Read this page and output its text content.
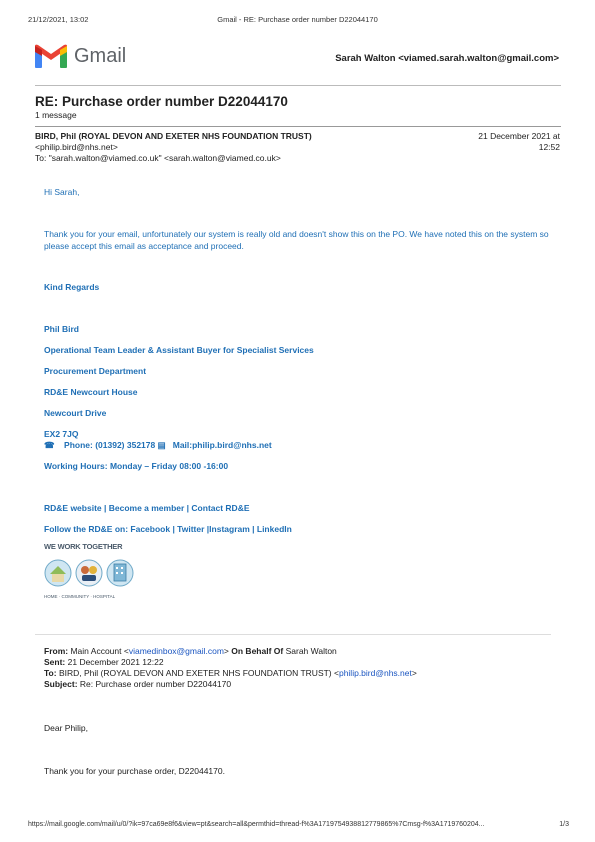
21/12/2021, 13:02	Gmail - RE: Purchase order number D22044170
Gmail	Sarah Walton <viamed.sarah.walton@gmail.com>
RE: Purchase order number D22044170
1 message
BIRD, Phil (ROYAL DEVON AND EXETER NHS FOUNDATION TRUST)	21 December 2021 at
12:52
<philip.bird@nhs.net>
To: "sarah.walton@viamed.co.uk" <sarah.walton@viamed.co.uk>
Hi Sarah,
Thank you for your email, unfortunately our system is really old and doesn't show this on the PO. We have noted this on the system so please accept this email as acceptance and proceed.
Kind Regards
Phil Bird
Operational Team Leader & Assistant Buyer for Specialist Services
Procurement Department
RD&E Newcourt House
Newcourt Drive
EX2 7JQ
☎ Phone: (01392) 352178 ▤ Mail:philip.bird@nhs.net
Working Hours: Monday – Friday 08:00 -16:00
RD&E website | Become a member | Contact RD&E
Follow the RD&E on: Facebook | Twitter |Instagram | LinkedIn
WE WORK TOGETHER
HOME · COMMUNITY · HOSPITAL
From: Main Account <viamedinbox@gmail.com> On Behalf Of Sarah Walton
Sent: 21 December 2021 12:22
To: BIRD, Phil (ROYAL DEVON AND EXETER NHS FOUNDATION TRUST) <philip.bird@nhs.net>
Subject: Re: Purchase order number D22044170
Dear Philip,
Thank you for your purchase order, D22044170.
https://mail.google.com/mail/u/0/?ik=97ca69e8f6&view=pt&search=all&permthid=thread-f%3A1719754938812779865%7Cmsg-f%3A1719760204...	1/3
